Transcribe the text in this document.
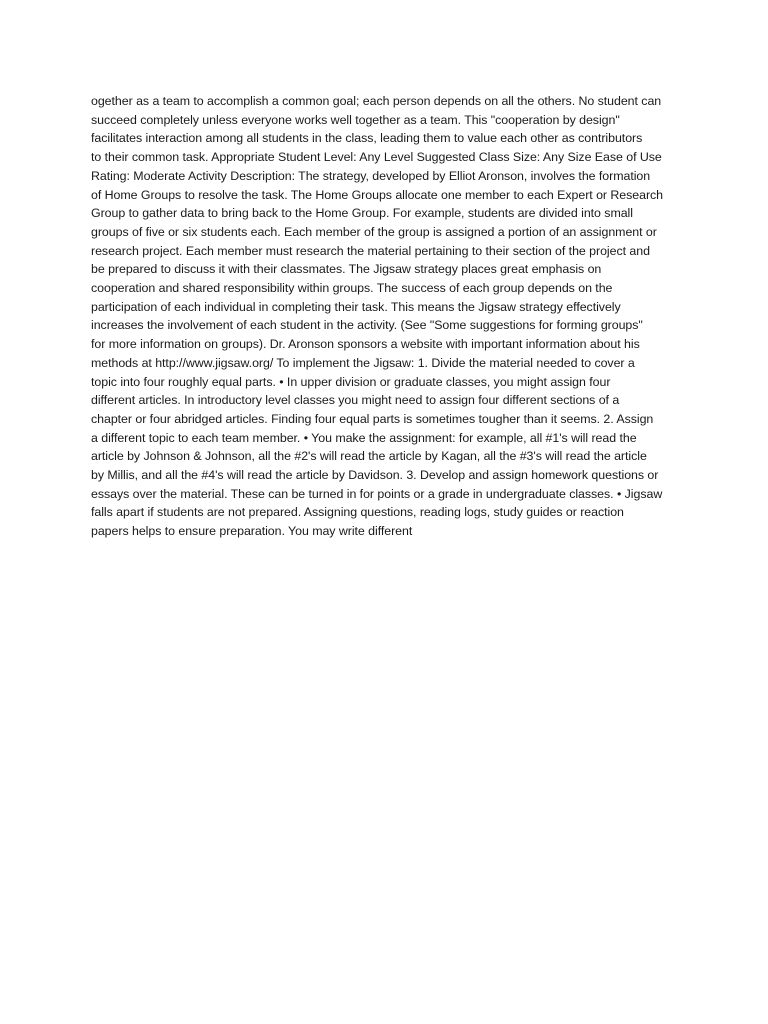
ogether as a team to accomplish a common goal; each person depends on all the others. No student can
succeed completely unless everyone works well together as a team. This "cooperation by design"
facilitates interaction among all students in the class, leading them to value each other as contributors
to their common task. Appropriate Student Level: Any Level Suggested Class Size: Any Size Ease of Use
Rating: Moderate Activity Description: The strategy, developed by Elliot Aronson, involves the formation
of Home Groups to resolve the task. The Home Groups allocate one member to each Expert or Research
Group to gather data to bring back to the Home Group. For example, students are divided into small
groups of five or six students each. Each member of the group is assigned a portion of an assignment or
research project. Each member must research the material pertaining to their section of the project and
be prepared to discuss it with their classmates. The Jigsaw strategy places great emphasis on
cooperation and shared responsibility within groups. The success of each group depends on the
participation of each individual in completing their task. This means the Jigsaw strategy effectively
increases the involvement of each student in the activity. (See "Some suggestions for forming groups"
for more information on groups). Dr. Aronson sponsors a website with important information about his
methods at http://www.jigsaw.org/ To implement the Jigsaw: 1. Divide the material needed to cover a
topic into four roughly equal parts. • In upper division or graduate classes, you might assign four
different articles. In introductory level classes you might need to assign four different sections of a
chapter or four abridged articles. Finding four equal parts is sometimes tougher than it seems. 2. Assign
a different topic to each team member. • You make the assignment: for example, all #1's will read the
article by Johnson & Johnson, all the #2's will read the article by Kagan, all the #3's will read the article
by Millis, and all the #4's will read the article by Davidson. 3. Develop and assign homework questions or
essays over the material. These can be turned in for points or a grade in undergraduate classes. • Jigsaw
falls apart if students are not prepared. Assigning questions, reading logs, study guides or reaction
papers helps to ensure preparation. You may write different
